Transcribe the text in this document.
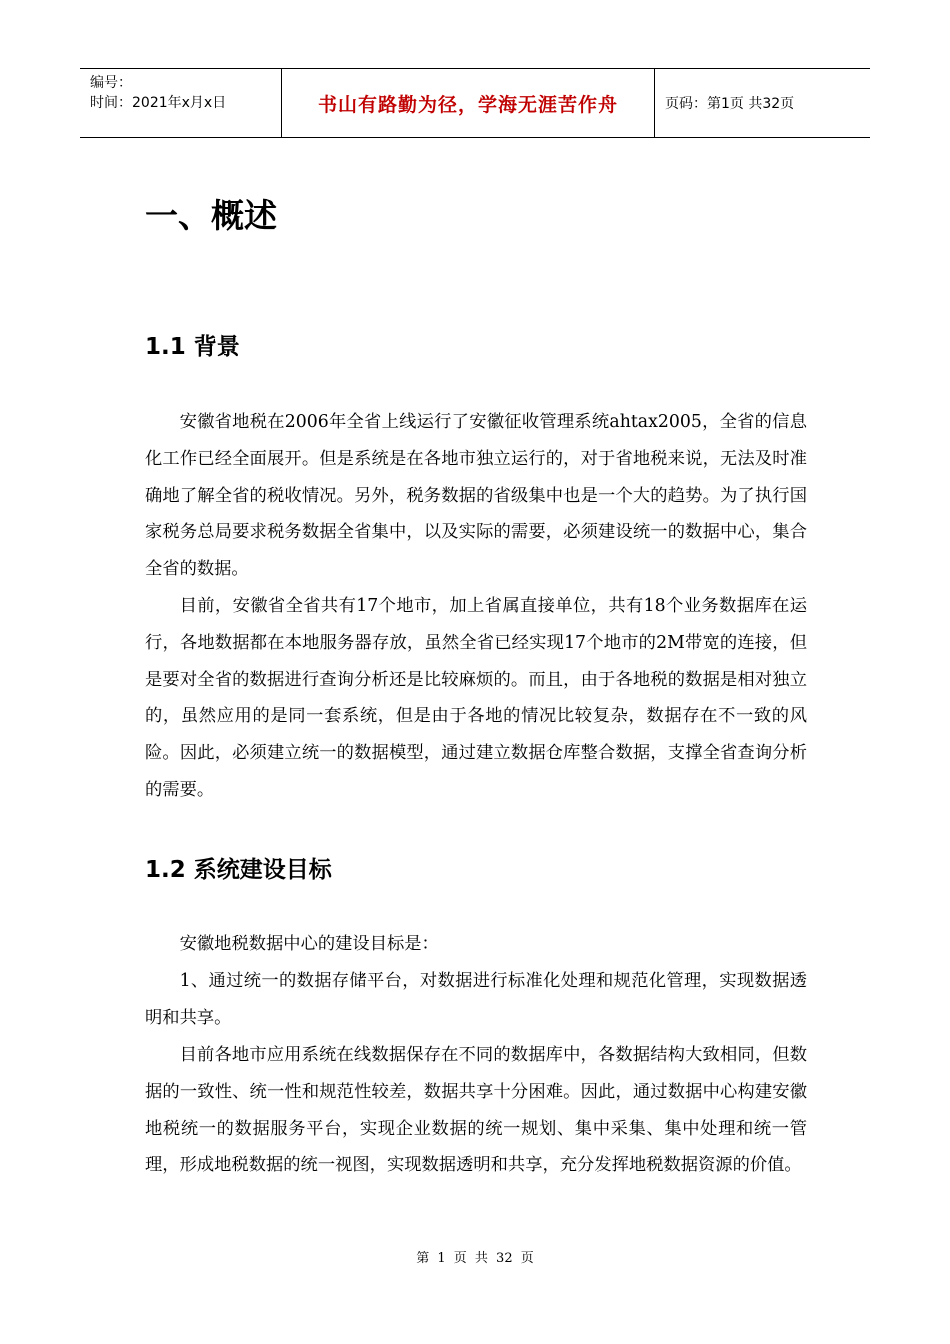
编号：
时间：2021年x月x日	书山有路勤为径，学海无涯苦作舟	页码：第1页 共32页
一、概述
1.1 背景

安徽省地税在2006年全省上线运行了安徽征收管理系统ahtax2005，全省的信息化工作已经全面展开。但是系统是在各地市独立运行的，对于省地税来说，无法及时准确地了解全省的税收情况。另外，税务数据的省级集中也是一个大的趋势。为了执行国家税务总局要求税务数据全省集中，以及实际的需要，必须建设统一的数据中心，集合全省的数据。

目前，安徽省全省共有17个地市，加上省属直接单位，共有18个业务数据库在运行，各地数据都在本地服务器存放，虽然全省已经实现17个地市的2M带宽的连接，但是要对全省的数据进行查询分析还是比较麻烦的。而且，由于各地税的数据是相对独立的，虽然应用的是同一套系统，但是由于各地的情况比较复杂，数据存在不一致的风险。因此，必须建立统一的数据模型，通过建立数据仓库整合数据，支撑全省查询分析的需要。

1.2 系统建设目标

安徽地税数据中心的建设目标是：

1、通过统一的数据存储平台，对数据进行标准化处理和规范化管理，实现数据透明和共享。

目前各地市应用系统在线数据保存在不同的数据库中，各数据结构大致相同，但数据的一致性、统一性和规范性较差，数据共享十分困难。因此，通过数据中心构建安徽地税统一的数据服务平台，实现企业数据的统一规划、集中采集、集中处理和统一管理，形成地税数据的统一视图，实现数据透明和共享，充分发挥地税数据资源的价值。

第 1 页 共 32 页
